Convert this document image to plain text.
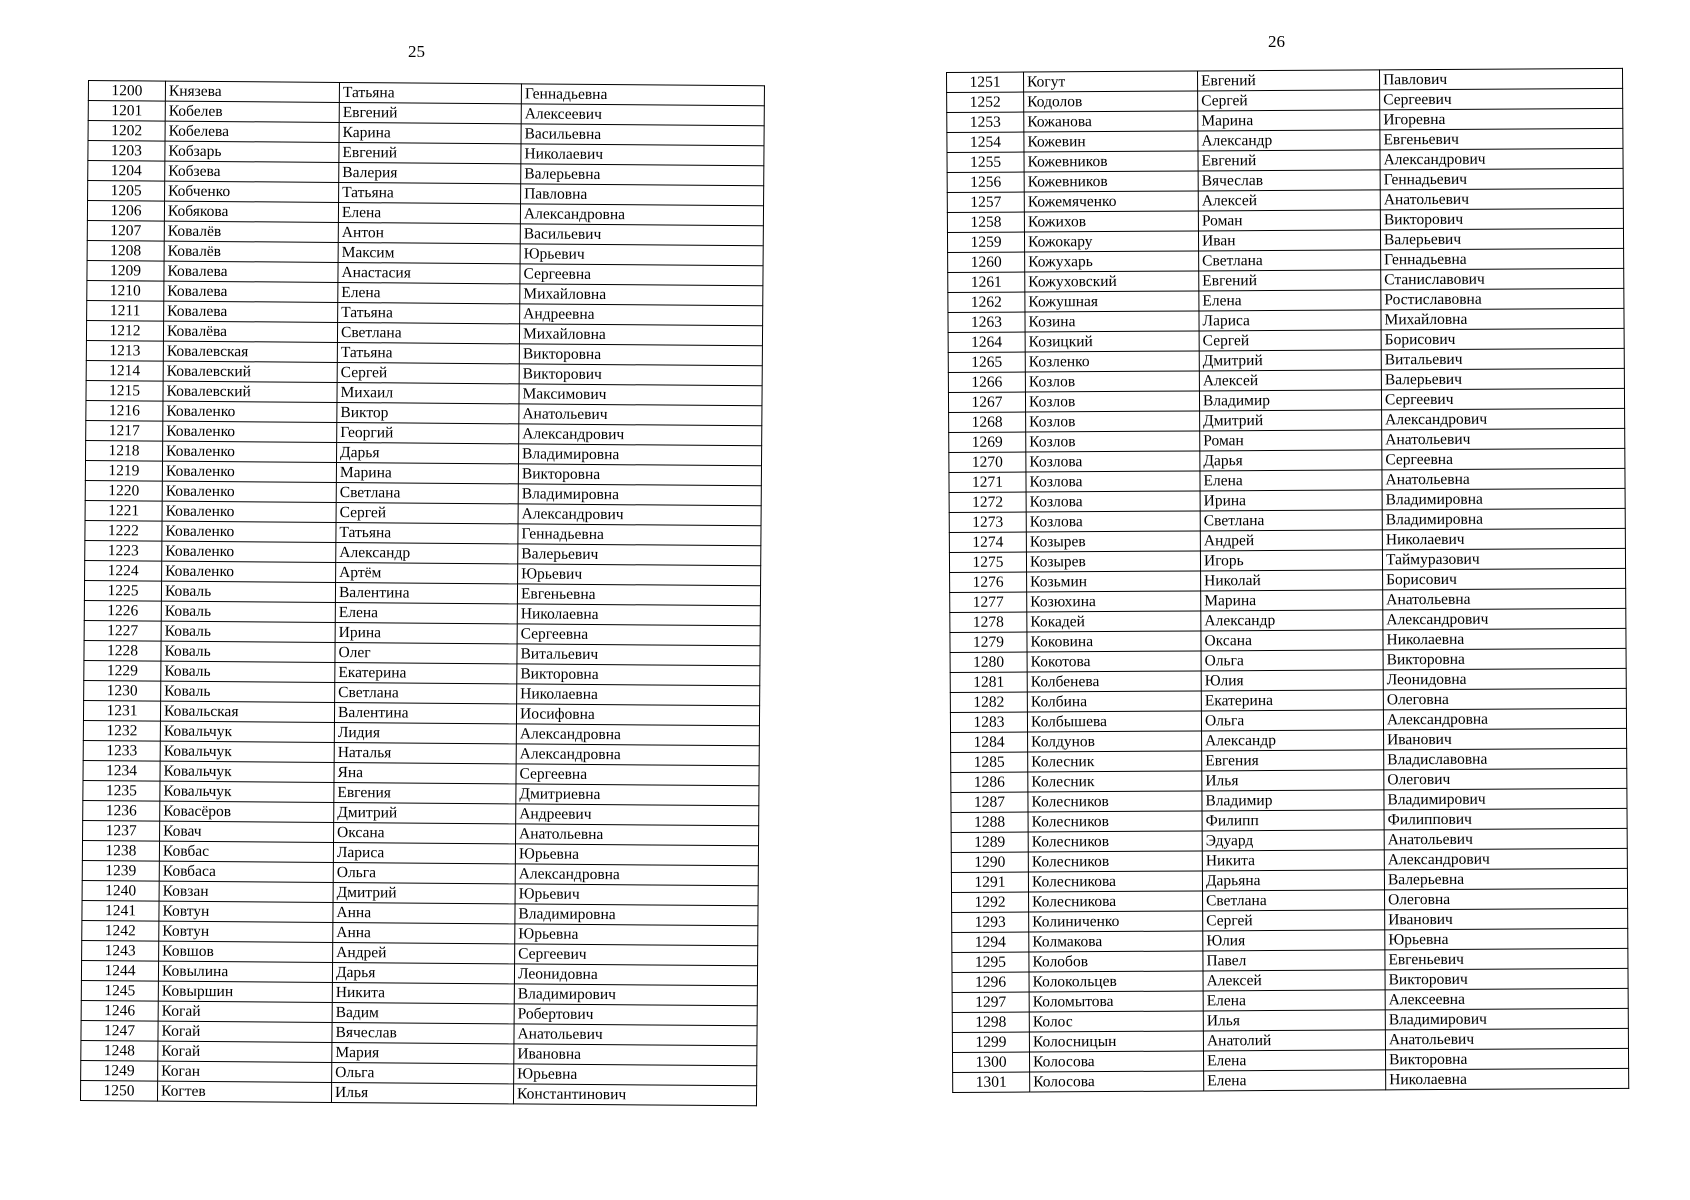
25
26
1200	Князева	Татьяна	Геннадьевна
1201	Кобелев	Евгений	Алексеевич
1202	Кобелева	Карина	Васильевна
1203	Кобзарь	Евгений	Николаевич
1204	Кобзева	Валерия	Валерьевна
1205	Кобченко	Татьяна	Павловна
1206	Кобякова	Елена	Александровна
1207	Ковалёв	Антон	Васильевич
1208	Ковалёв	Максим	Юрьевич
1209	Ковалева	Анастасия	Сергеевна
1210	Ковалева	Елена	Михайловна
1211	Ковалева	Татьяна	Андреевна
1212	Ковалёва	Светлана	Михайловна
1213	Ковалевская	Татьяна	Викторовна
1214	Ковалевский	Сергей	Викторович
1215	Ковалевский	Михаил	Максимович
1216	Коваленко	Виктор	Анатольевич
1217	Коваленко	Георгий	Александрович
1218	Коваленко	Дарья	Владимировна
1219	Коваленко	Марина	Викторовна
1220	Коваленко	Светлана	Владимировна
1221	Коваленко	Сергей	Александрович
1222	Коваленко	Татьяна	Геннадьевна
1223	Коваленко	Александр	Валерьевич
1224	Коваленко	Артём	Юрьевич
1225	Коваль	Валентина	Евгеньевна
1226	Коваль	Елена	Николаевна
1227	Коваль	Ирина	Сергеевна
1228	Коваль	Олег	Витальевич
1229	Коваль	Екатерина	Викторовна
1230	Коваль	Светлана	Николаевна
1231	Ковальская	Валентина	Иосифовна
1232	Ковальчук	Лидия	Александровна
1233	Ковальчук	Наталья	Александровна
1234	Ковальчук	Яна	Сергеевна
1235	Ковальчук	Евгения	Дмитриевна
1236	Ковасёров	Дмитрий	Андреевич
1237	Ковач	Оксана	Анатольевна
1238	Ковбас	Лариса	Юрьевна
1239	Ковбаса	Ольга	Александровна
1240	Ковзан	Дмитрий	Юрьевич
1241	Ковтун	Анна	Владимировна
1242	Ковтун	Анна	Юрьевна
1243	Ковшов	Андрей	Сергеевич
1244	Ковылина	Дарья	Леонидовна
1245	Ковыршин	Никита	Владимирович
1246	Когай	Вадим	Робертович
1247	Когай	Вячеслав	Анатольевич
1248	Когай	Мария	Ивановна
1249	Коган	Ольга	Юрьевна
1250	Когтев	Илья	Константинович
1251	Когут	Евгений	Павлович
1252	Кодолов	Сергей	Сергеевич
1253	Кожанова	Марина	Игоревна
1254	Кожевин	Александр	Евгеньевич
1255	Кожевников	Евгений	Александрович
1256	Кожевников	Вячеслав	Геннадьевич
1257	Кожемяченко	Алексей	Анатольевич
1258	Кожихов	Роман	Викторович
1259	Кожокару	Иван	Валерьевич
1260	Кожухарь	Светлана	Геннадьевна
1261	Кожуховский	Евгений	Станиславович
1262	Кожушная	Елена	Ростиславовна
1263	Козина	Лариса	Михайловна
1264	Козицкий	Сергей	Борисович
1265	Козленко	Дмитрий	Витальевич
1266	Козлов	Алексей	Валерьевич
1267	Козлов	Владимир	Сергеевич
1268	Козлов	Дмитрий	Александрович
1269	Козлов	Роман	Анатольевич
1270	Козлова	Дарья	Сергеевна
1271	Козлова	Елена	Анатольевна
1272	Козлова	Ирина	Владимировна
1273	Козлова	Светлана	Владимировна
1274	Козырев	Андрей	Николаевич
1275	Козырев	Игорь	Таймуразович
1276	Козьмин	Николай	Борисович
1277	Козюхина	Марина	Анатольевна
1278	Кокадей	Александр	Александрович
1279	Коковина	Оксана	Николаевна
1280	Кокотова	Ольга	Викторовна
1281	Колбенева	Юлия	Леонидовна
1282	Колбина	Екатерина	Олеговна
1283	Колбышева	Ольга	Александровна
1284	Колдунов	Александр	Иванович
1285	Колесник	Евгения	Владиславовна
1286	Колесник	Илья	Олегович
1287	Колесников	Владимир	Владимирович
1288	Колесников	Филипп	Филиппович
1289	Колесников	Эдуард	Анатольевич
1290	Колесников	Никита	Александрович
1291	Колесникова	Дарьяна	Валерьевна
1292	Колесникова	Светлана	Олеговна
1293	Колиниченко	Сергей	Иванович
1294	Колмакова	Юлия	Юрьевна
1295	Колобов	Павел	Евгеньевич
1296	Колокольцев	Алексей	Викторович
1297	Коломытова	Елена	Алексеевна
1298	Колос	Илья	Владимирович
1299	Колосницын	Анатолий	Анатольевич
1300	Колосова	Елена	Викторовна
1301	Колосова	Елена	Николаевна
